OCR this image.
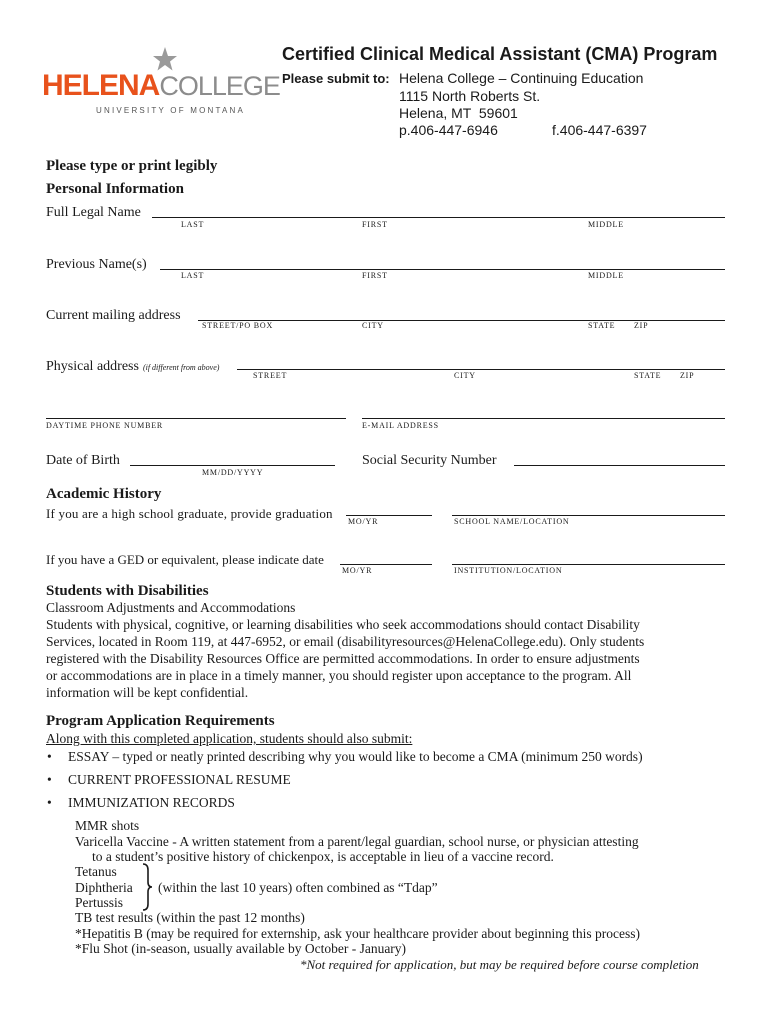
HELENACOLLEGE
UNIVERSITY OF MONTANA
Certified Clinical Medical Assistant (CMA) Program
Please submit to: Helena College – Continuing Education
1115 North Roberts St.
Helena, MT  59601
p.406-447-6946	f.406-447-6397
Please type or print legibly
Personal Information
Full Legal Name
LAST	FIRST	MIDDLE
Previous Name(s)
LAST	FIRST	MIDDLE
Current mailing address
STREET/PO BOX	CITY	STATE ZIP
Physical address (if different from above)
STREET	CITY	STATE ZIP
DAYTIME PHONE NUMBER	E-MAIL ADDRESS
Date of Birth
MM/DD/YYYY
Social Security Number
Academic History
If you are a high school graduate, provide graduation
MO/YR	SCHOOL NAME/LOCATION
If you have a GED or equivalent, please indicate date
MO/YR	INSTITUTION/LOCATION
Students with Disabilities
Classroom Adjustments and Accommodations
Students with physical, cognitive, or learning disabilities who seek accommodations should contact Disability
Services, located in Room 119, at 447-6952, or email (disabilityresources@HelenaCollege.edu). Only students
registered with the Disability Resources Office are permitted accommodations. In order to ensure adjustments
or accommodations are in place in a timely manner, you should register upon acceptance to the program. All
information will be kept confidential.
Program Application Requirements
Along with this completed application, students should also submit:
• ESSAY – typed or neatly printed describing why you would like to become a CMA (minimum 250 words)
• CURRENT PROFESSIONAL RESUME
• IMMUNIZATION RECORDS
MMR shots
Varicella Vaccine - A written statement from a parent/legal guardian, school nurse, or physician attesting
to a student’s positive history of chickenpox, is acceptable in lieu of a vaccine record.
Tetanus
Diphtheria
Pertussis
(within the last 10 years) often combined as “Tdap”
TB test results (within the past 12 months)
*Hepatitis B (may be required for externship, ask your healthcare provider about beginning this process)
*Flu Shot (in-season, usually available by October - January)
*Not required for application, but may be required before course completion
